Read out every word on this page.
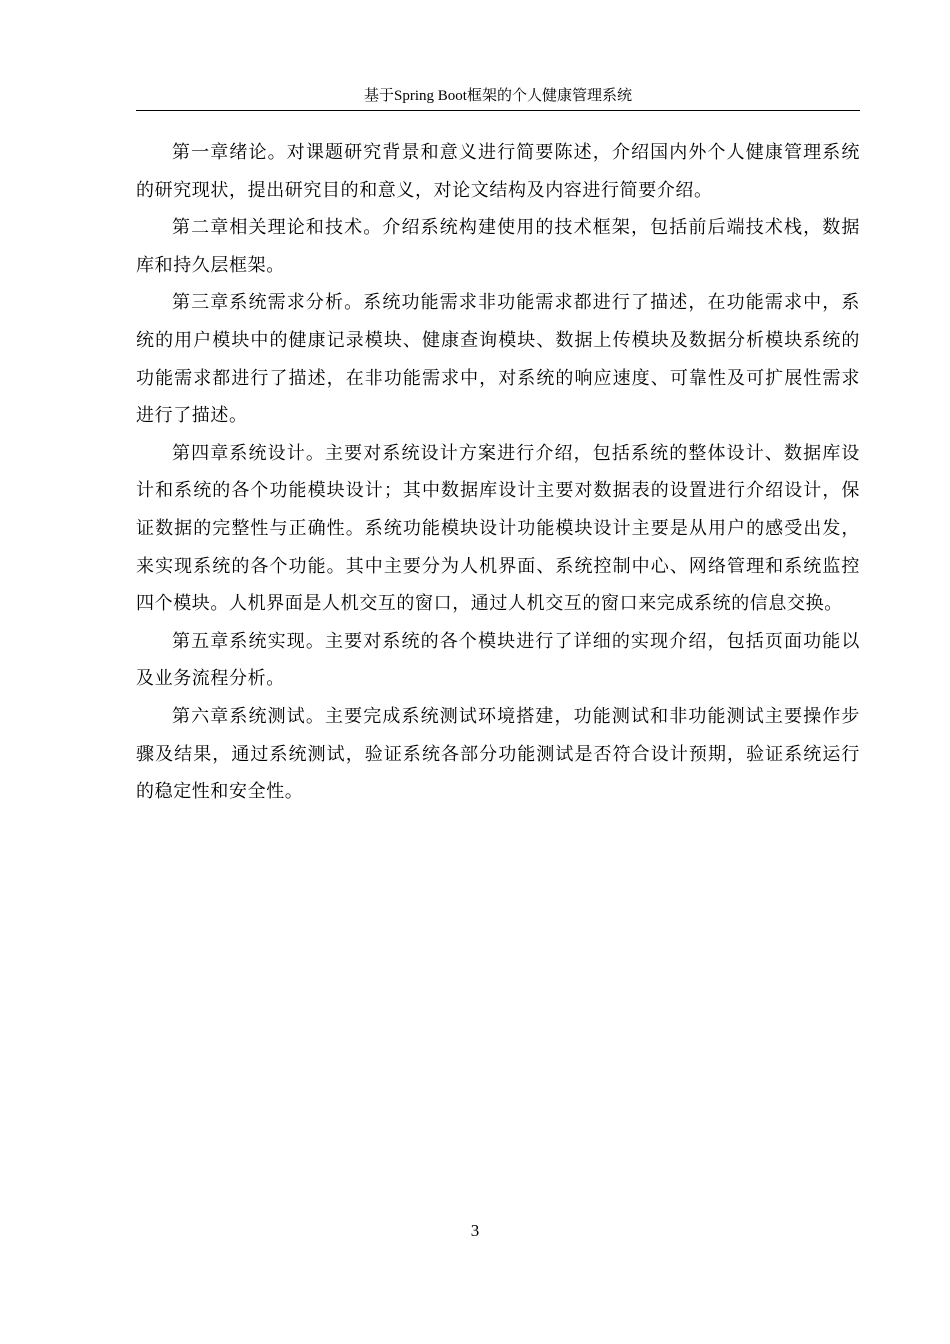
基于Spring Boot框架的个人健康管理系统

第一章绪论。对课题研究背景和意义进行简要陈述，介绍国内外个人健康管理系统的研究现状，提出研究目的和意义，对论文结构及内容进行简要介绍。

第二章相关理论和技术。介绍系统构建使用的技术框架，包括前后端技术栈，数据库和持久层框架。

第三章系统需求分析。系统功能需求非功能需求都进行了描述，在功能需求中，系统的用户模块中的健康记录模块、健康查询模块、数据上传模块及数据分析模块系统的功能需求都进行了描述，在非功能需求中，对系统的响应速度、可靠性及可扩展性需求进行了描述。

第四章系统设计。主要对系统设计方案进行介绍，包括系统的整体设计、数据库设计和系统的各个功能模块设计；其中数据库设计主要对数据表的设置进行介绍设计，保证数据的完整性与正确性。系统功能模块设计功能模块设计主要是从用户的感受出发，来实现系统的各个功能。其中主要分为人机界面、系统控制中心、网络管理和系统监控四个模块。人机界面是人机交互的窗口，通过人机交互的窗口来完成系统的信息交换。

第五章系统实现。主要对系统的各个模块进行了详细的实现介绍，包括页面功能以及业务流程分析。

第六章系统测试。主要完成系统测试环境搭建，功能测试和非功能测试主要操作步骤及结果，通过系统测试，验证系统各部分功能测试是否符合设计预期，验证系统运行的稳定性和安全性。

3
